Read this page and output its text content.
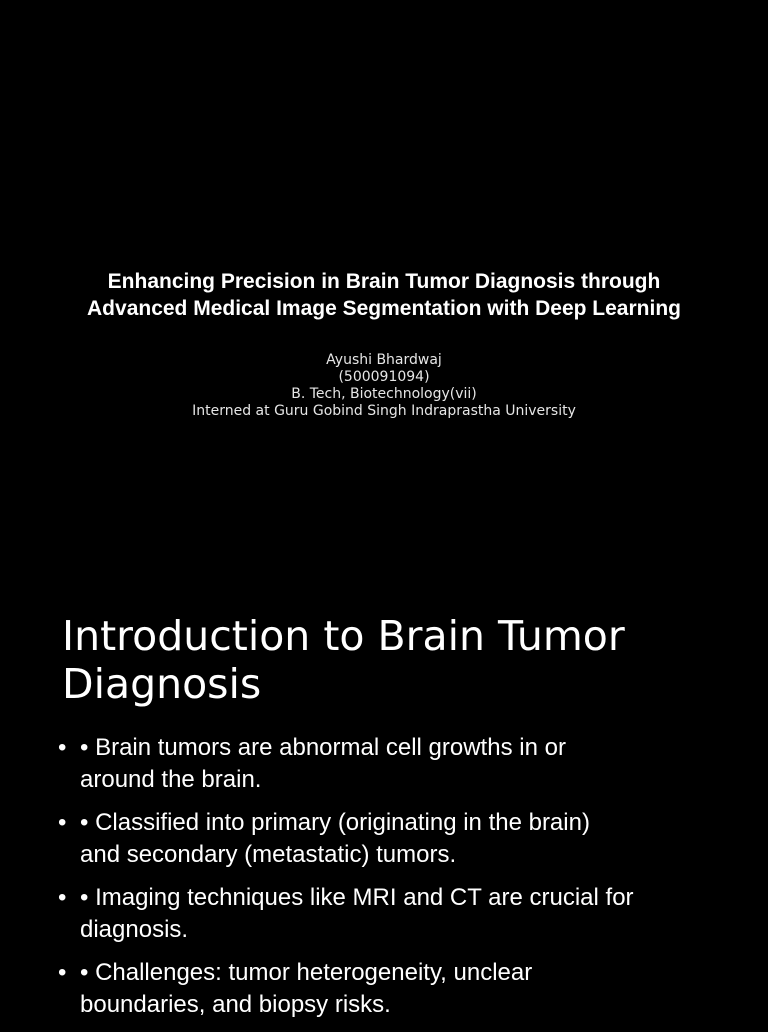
Enhancing Precision in Brain Tumor Diagnosis through
Advanced Medical Image Segmentation with Deep Learning
Ayushi Bhardwaj
(500091094)
B. Tech, Biotechnology(vii)
Interned at Guru Gobind Singh Indraprastha University
Introduction to Brain Tumor
Diagnosis
• • Brain tumors are abnormal cell growths in or
around the brain.
• • Classified into primary (originating in the brain)
and secondary (metastatic) tumors.
• • Imaging techniques like MRI and CT are crucial for
diagnosis.
• • Challenges: tumor heterogeneity, unclear
boundaries, and biopsy risks.
